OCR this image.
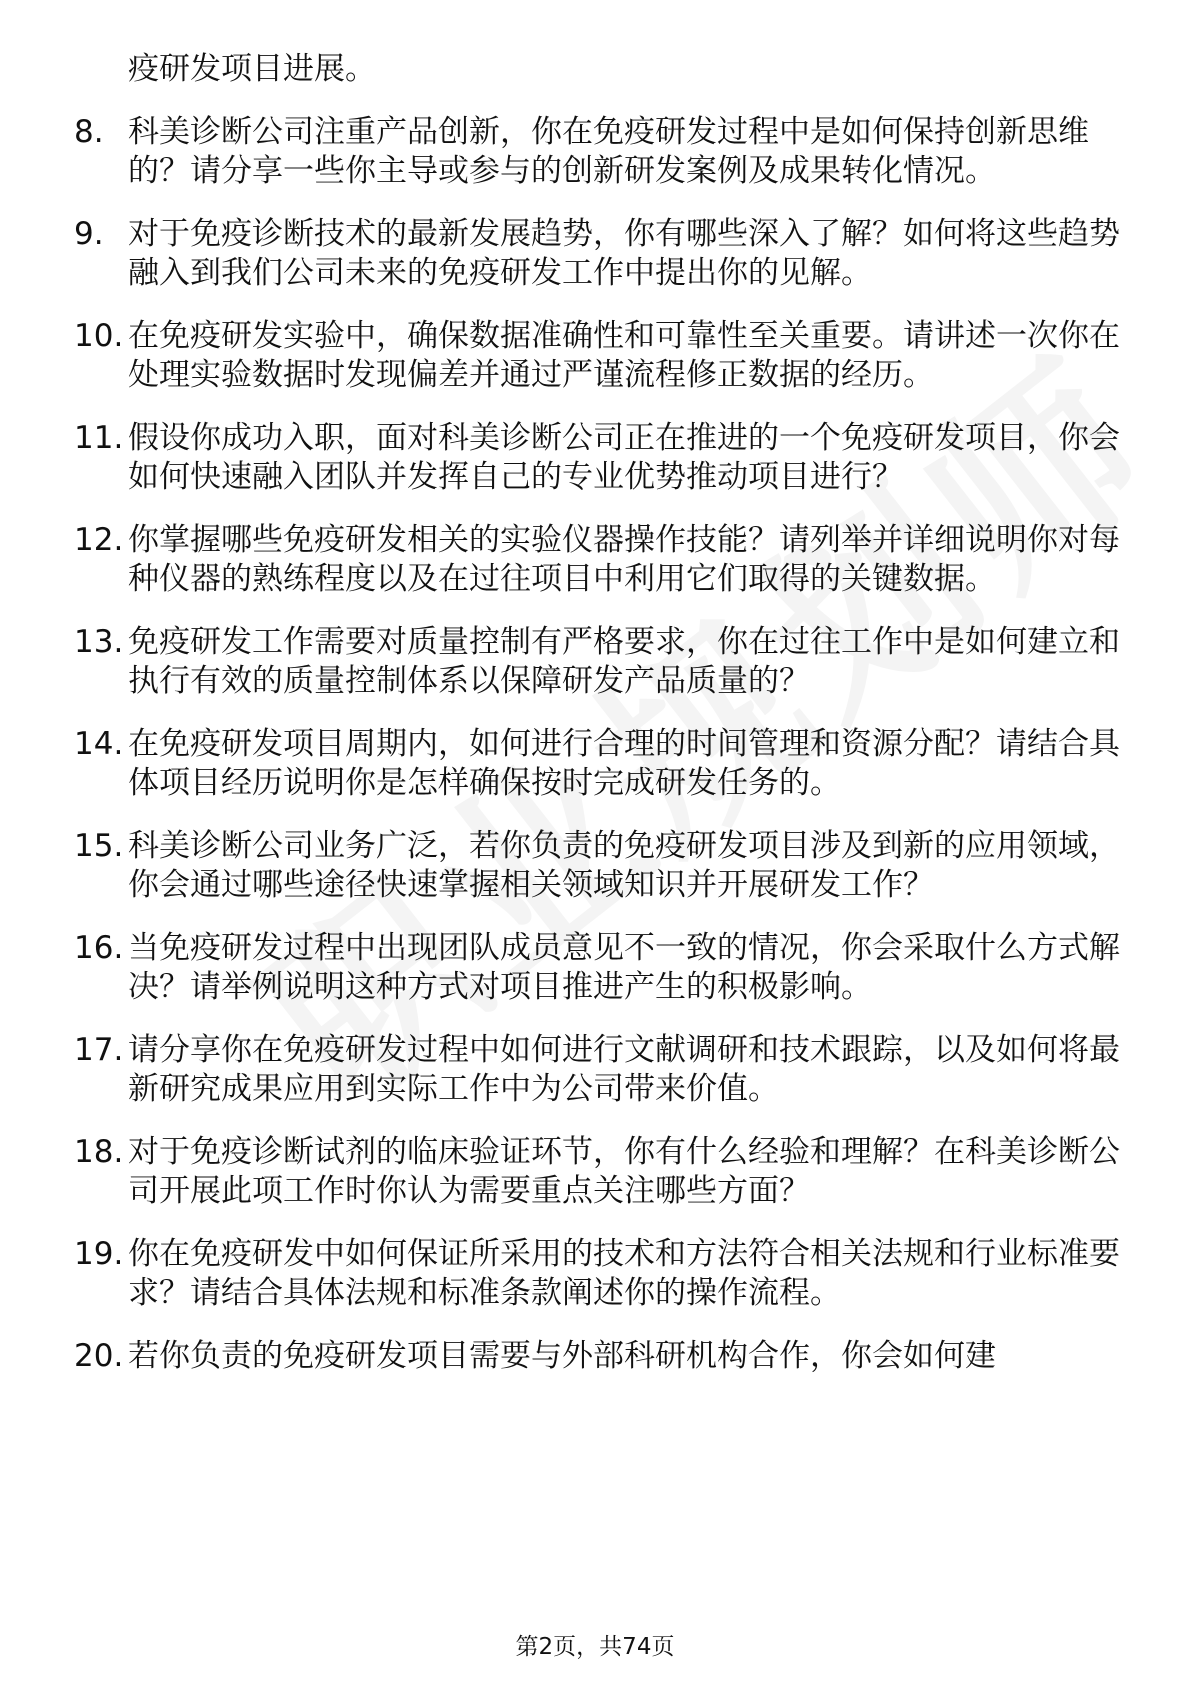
疫研发项目进展。
8. 科美诊断公司注重产品创新，你在免疫研发过程中是如何保持创新思维的？请分享一些你主导或参与的创新研发案例及成果转化情况。
9. 对于免疫诊断技术的最新发展趋势，你有哪些深入了解？如何将这些趋势融入到我们公司未来的免疫研发工作中提出你的见解。
10. 在免疫研发实验中，确保数据准确性和可靠性至关重要。请讲述一次你在处理实验数据时发现偏差并通过严谨流程修正数据的经历。
11. 假设你成功入职，面对科美诊断公司正在推进的一个免疫研发项目，你会如何快速融入团队并发挥自己的专业优势推动项目进行？
12. 你掌握哪些免疫研发相关的实验仪器操作技能？请列举并详细说明你对每种仪器的熟练程度以及在过往项目中利用它们取得的关键数据。
13. 免疫研发工作需要对质量控制有严格要求，你在过往工作中是如何建立和执行有效的质量控制体系以保障研发产品质量的？
14. 在免疫研发项目周期内，如何进行合理的时间管理和资源分配？请结合具体项目经历说明你是怎样确保按时完成研发任务的。
15. 科美诊断公司业务广泛，若你负责的免疫研发项目涉及到新的应用领域，你会通过哪些途径快速掌握相关领域知识并开展研发工作？
16. 当免疫研发过程中出现团队成员意见不一致的情况，你会采取什么方式解决？请举例说明这种方式对项目推进产生的积极影响。
17. 请分享你在免疫研发过程中如何进行文献调研和技术跟踪，以及如何将最新研究成果应用到实际工作中为公司带来价值。
18. 对于免疫诊断试剂的临床验证环节，你有什么经验和理解？在科美诊断公司开展此项工作时你认为需要重点关注哪些方面？
19. 你在免疫研发中如何保证所采用的技术和方法符合相关法规和行业标准要求？请结合具体法规和标准条款阐述你的操作流程。
20. 若你负责的免疫研发项目需要与外部科研机构合作，你会如何建
第2页，共74页
